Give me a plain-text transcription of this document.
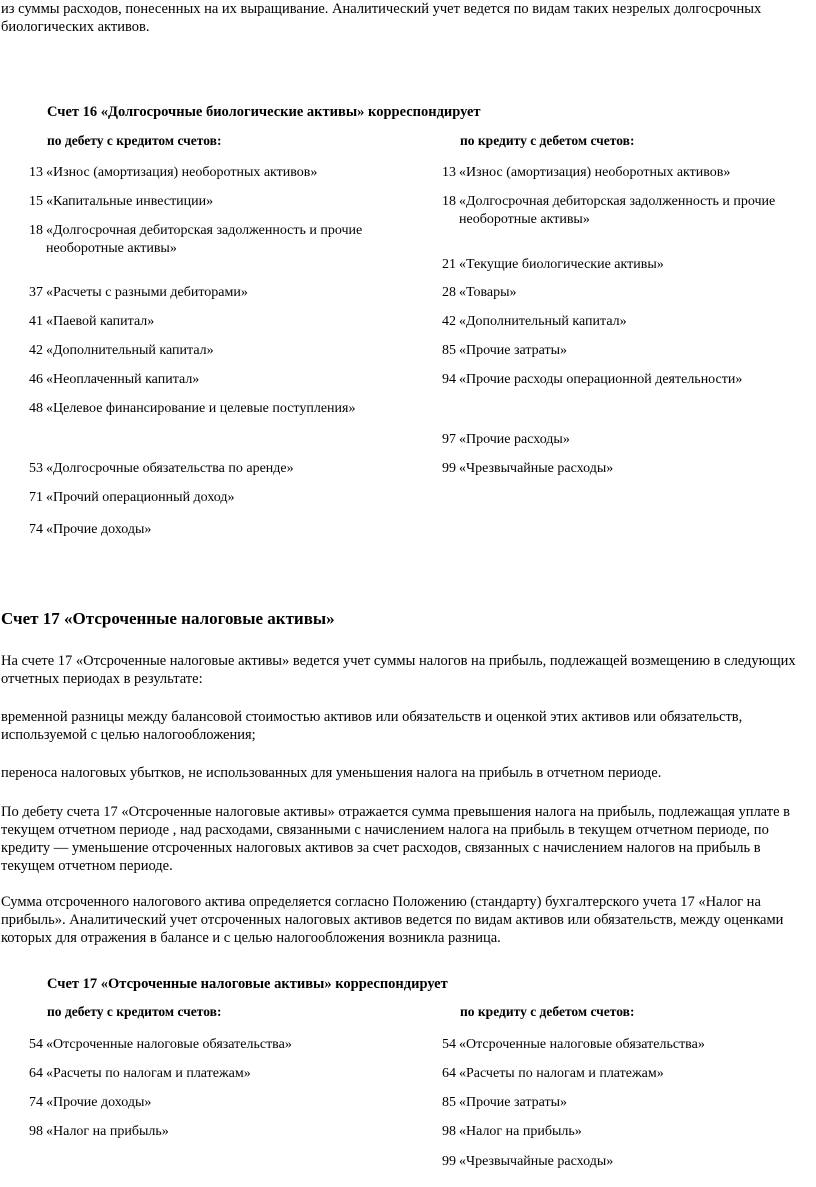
из суммы расходов, понесенных на их выращивание. Аналитический учет ведется по видам таких незрелых долгосрочных биологических активов.

Счет 16 «Долгосрочные биологические активы» корреспондирует

по дебету с кредитом счетов:	по кредиту с дебетом счетов:

13 «Износ (амортизация) необоротных активов»
15 «Капитальные инвестиции»
18 «Долгосрочная дебиторская задолженность и прочие необоротные активы»
37 «Расчеты с разными дебиторами»
41 «Паевой капитал»
42 «Дополнительный капитал»
46 «Неоплаченный капитал»
48 «Целевое финансирование и целевые поступления»
53 «Долгосрочные обязательства по аренде»
71 «Прочий операционный доход»
74 «Прочие доходы»
13 «Износ (амортизация) необоротных активов»
18 «Долгосрочная дебиторская задолженность и прочие необоротные активы»
21 «Текущие биологические активы»
28 «Товары»
42 «Дополнительный капитал»
85 «Прочие затраты»
94 «Прочие расходы операционной деятельности»
97 «Прочие расходы»
99 «Чрезвычайные расходы»

Счет 17 «Отсроченные налоговые активы»

На счете 17 «Отсроченные налоговые активы» ведется учет суммы налогов на прибыль, подлежащей возмещению в следующих отчетных периодах в результате:

временной разницы между балансовой стоимостью активов или обязательств и оценкой этих активов или обязательств, используемой с целью налогообложения;

переноса налоговых убытков, не использованных для уменьшения налога на прибыль в отчетном периоде.

По дебету счета 17 «Отсроченные налоговые активы» отражается сумма превышения налога на прибыль, подлежащая уплате в текущем отчетном периоде , над расходами, связанными с начислением налога на прибыль в текущем отчетном периоде, по кредиту — уменьшение отсроченных налоговых активов за счет расходов, связанных с начислением налогов на прибыль в текущем отчетном периоде.

Сумма отсроченного налогового актива определяется согласно Положению (стандарту) бухгалтерского учета 17 «Налог на прибыль». Аналитический учет отсроченных налоговых активов ведется по видам активов или обязательств, между оценками которых для отражения в балансе и с целью налогообложения возникла разница.

Счет 17 «Отсроченные налоговые активы» корреспондирует

по дебету с кредитом счетов:	по кредиту с дебетом счетов:

54 «Отсроченные налоговые обязательства»
64 «Расчеты по налогам и платежам»
74 «Прочие доходы»
98 «Налог на прибыль»
54 «Отсроченные налоговые обязательства»
64 «Расчеты по налогам и платежам»
85 «Прочие затраты»
98 «Налог на прибыль»
99 «Чрезвычайные расходы»
